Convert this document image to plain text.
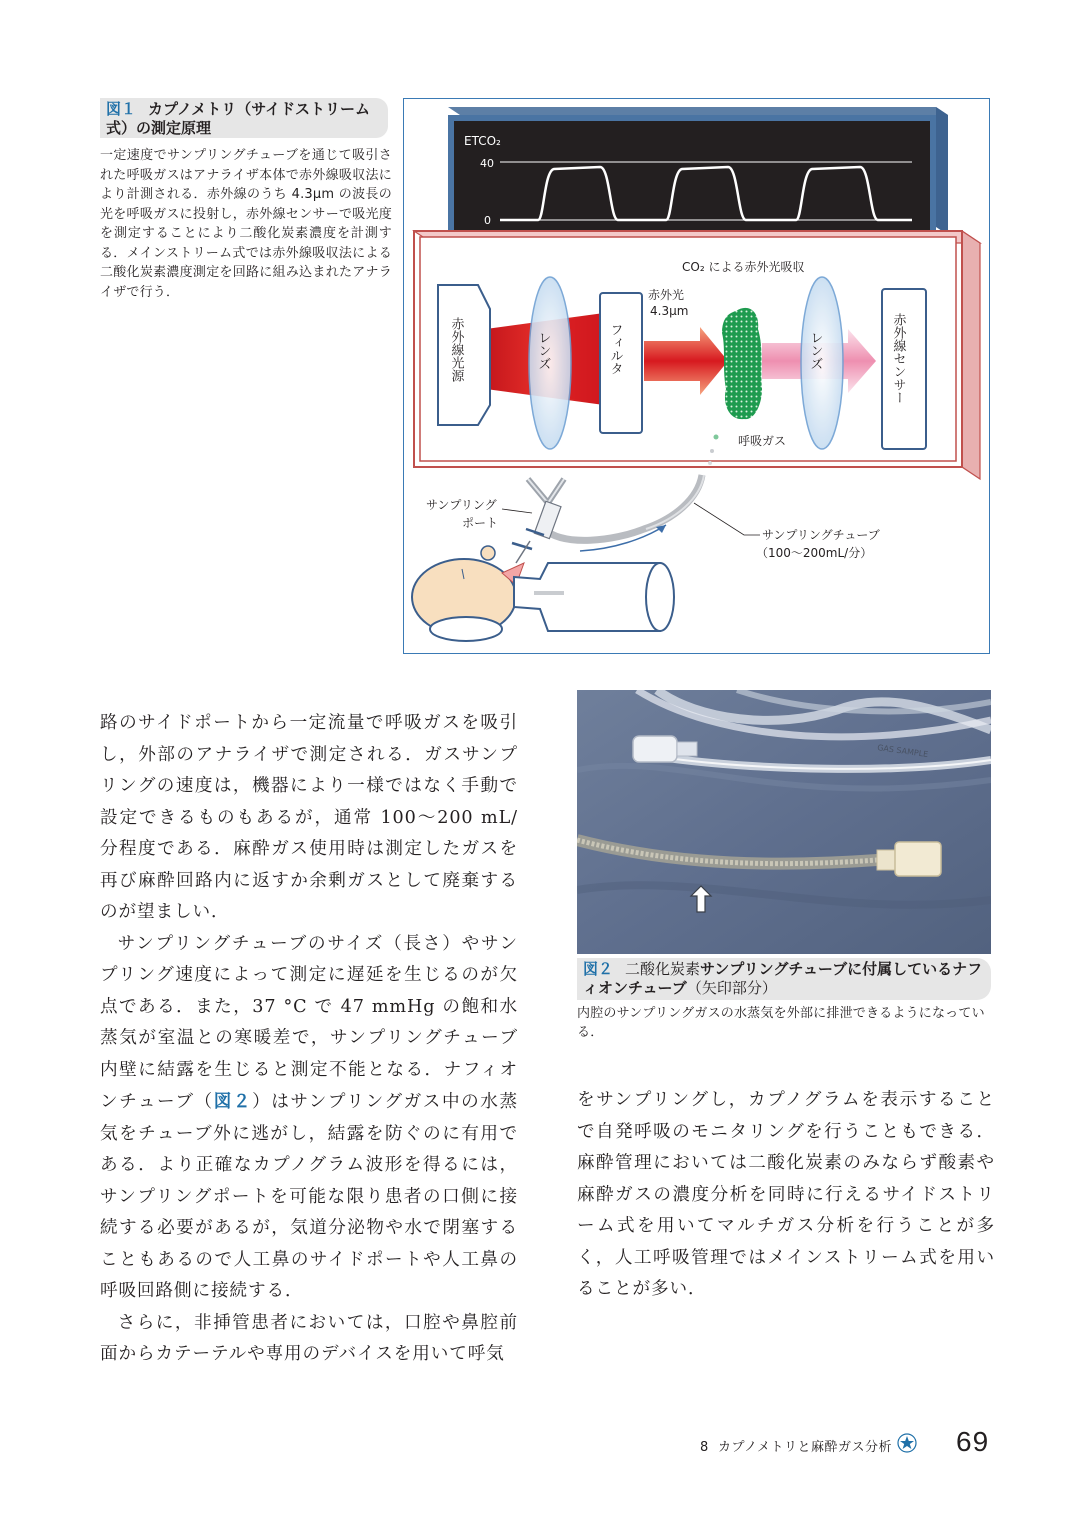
図１ カプノメトリ（サイドストリーム式）の測定原理
一定速度でサンプリングチューブを通じて吸引された呼吸ガスはアナライザ本体で赤外線吸収法により計測される．赤外線のうち 4.3μm の波長の光を呼吸ガスに投射し，赤外線センサーで吸光度を測定することにより二酸化炭素濃度を計測する．メインストリーム式では赤外線吸収法による二酸化炭素濃度測定を回路に組み込まれたアナライザで行う．
ETCO₂
40
0
CO₂ による赤外光吸収
赤外線光源	レンズ	フィルタ
赤外光
4.3μm
呼吸ガス
レンズ	赤外線センサー
サンプリング
ポート
サンプリングチューブ
（100～200mL/分）
GAS SAMPLE
図２ 二酸化炭素サンプリングチューブに付属しているナフィオンチューブ（矢印部分）
内腔のサンプリングガスの水蒸気を外部に排泄できるようになっている．

路のサイドポートから一定流量で呼吸ガスを吸引し，外部のアナライザで測定される．ガスサンプリングの速度は，機器により一様ではなく手動で設定できるものもあるが，通常 100～200 mL/分程度である．麻酔ガス使用時は測定したガスを再び麻酔回路内に返すか余剰ガスとして廃棄するのが望ましい．

サンプリングチューブのサイズ（長さ）やサンプリング速度によって測定に遅延を生じるのが欠点である．また，37 °C で 47 mmHg の飽和水蒸気が室温との寒暖差で，サンプリングチューブ内壁に結露を生じると測定不能となる．ナフィオンチューブ（図２）はサンプリングガス中の水蒸気をチューブ外に逃がし，結露を防ぐのに有用である．より正確なカプノグラム波形を得るには，サンプリングポートを可能な限り患者の口側に接続する必要があるが，気道分泌物や水で閉塞することもあるので人工鼻のサイドポートや人工鼻の呼吸回路側に接続する．

さらに，非挿管患者においては，口腔や鼻腔前面からカテーテルや専用のデバイスを用いて呼気

をサンプリングし，カプノグラムを表示することで自発呼吸のモニタリングを行うこともできる．麻酔管理においては二酸化炭素のみならず酸素や麻酔ガスの濃度分析を同時に行えるサイドストリーム式を用いてマルチガス分析を行うことが多く，人工呼吸管理ではメインストリーム式を用いることが多い．

8 カプノメトリと麻酔ガス分析 69
